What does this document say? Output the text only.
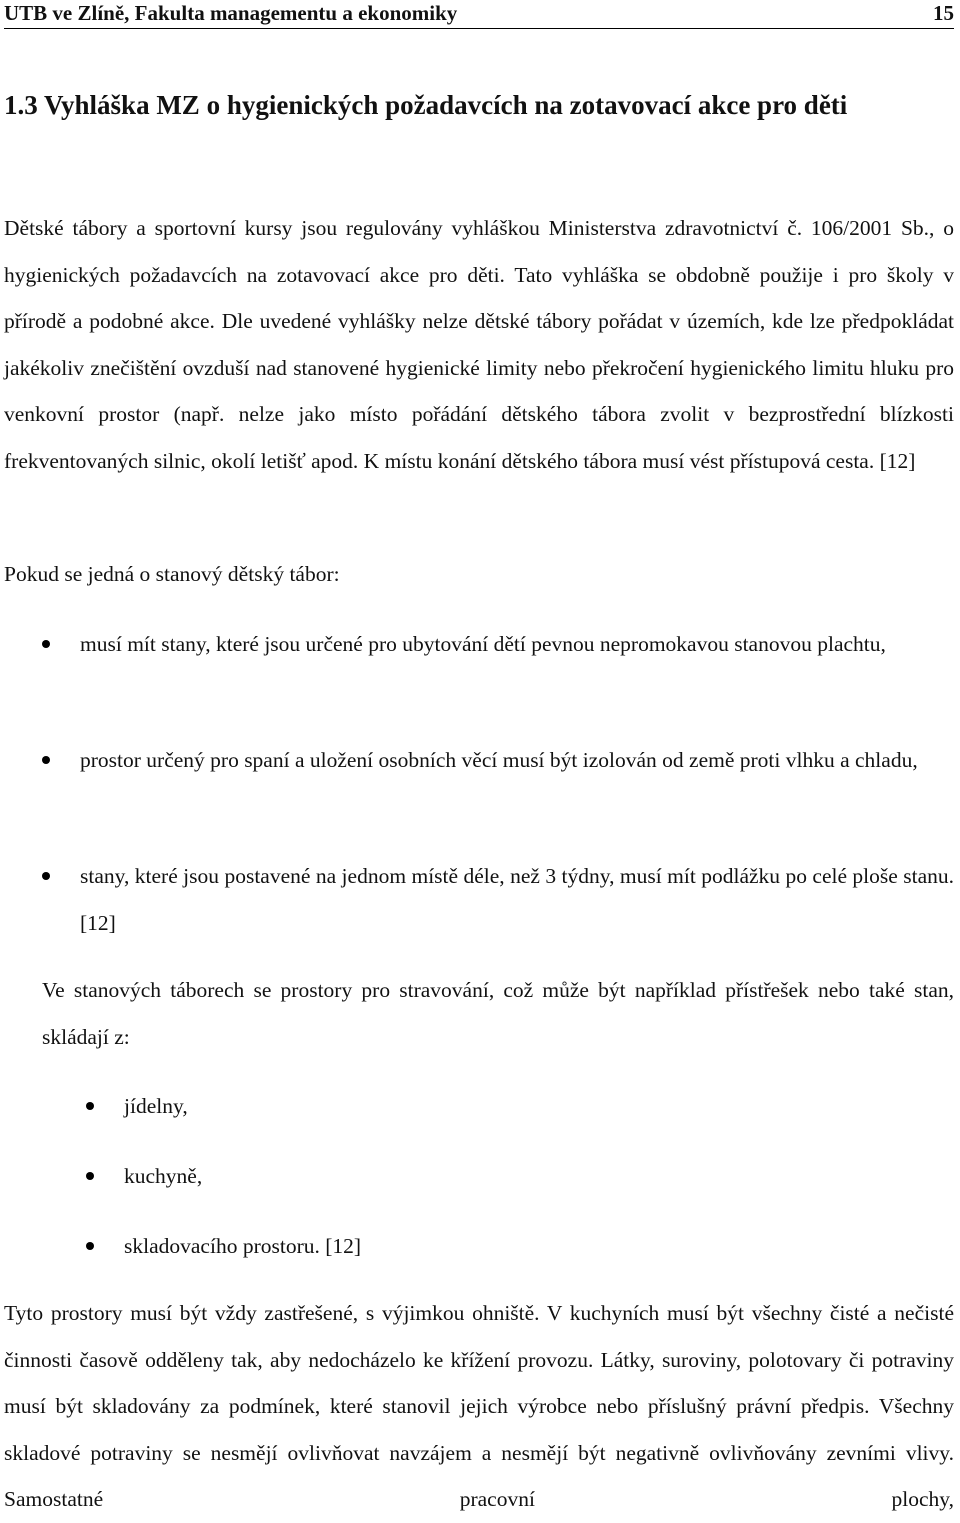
UTB ve Zlíně, Fakulta managementu a ekonomiky	15
1.3 Vyhláška MZ o hygienických požadavcích na zotavovací akce pro děti

Dětské tábory a sportovní kursy jsou regulovány vyhláškou Ministerstva zdravotnictví č. 106/2001 Sb., o hygienických požadavcích na zotavovací akce pro děti. Tato vyhláška se obdobně použije i pro školy v přírodě a podobné akce. Dle uvedené vyhlášky nelze dětské tábory pořádat v územích, kde lze předpokládat jakékoliv znečištění ovzduší nad stanovené hygienické limity nebo překročení hygienického limitu hluku pro venkovní prostor (např. nelze jako místo pořádání dětského tábora zvolit v bezprostřední blízkosti frekventovaných silnic, okolí letišť apod. K místu konání dětského tábora musí vést přístupová cesta. [12]

Pokud se jedná o stanový dětský tábor:

musí mít stany, které jsou určené pro ubytování dětí pevnou nepromokavou stanovou plachtu,

prostor určený pro spaní a uložení osobních věcí musí být izolován od země proti vlhku a chladu,

stany, které jsou postavené na jednom místě déle, než 3 týdny, musí mít podlážku po celé ploše stanu. [12]

Ve stanových táborech se prostory pro stravování, což může být například přístřešek nebo také stan, skládají z:

jídelny,

kuchyně,

skladovacího prostoru. [12]

Tyto prostory musí být vždy zastřešené, s výjimkou ohniště. V kuchyních musí být všechny čisté a nečisté činnosti časově odděleny tak, aby nedocházelo ke křížení provozu. Látky, suroviny, polotovary či potraviny musí být skladovány za podmínek, které stanovil jejich výrobce nebo příslušný právní předpis. Všechny skladové potraviny se nesmějí ovlivňovat navzájem a nesmějí být negativně ovlivňovány zevními vlivy. Samostatné pracovní plochy,
